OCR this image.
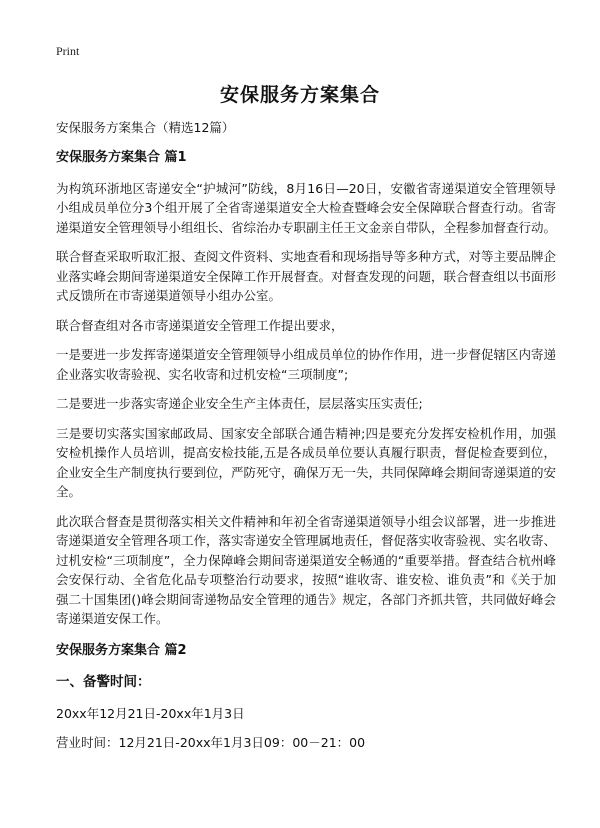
Print
安保服务方案集合

安保服务方案集合（精选12篇）

安保服务方案集合 篇1

为构筑环浙地区寄递安全“护城河”防线，8月16日—20日，安徽省寄递渠道安全管理领导小组成员单位分3个组开展了全省寄递渠道安全大检查暨峰会安全保障联合督查行动。省寄递渠道安全管理领导小组组长、省综治办专职副主任王文金亲自带队，全程参加督查行动。

联合督查采取听取汇报、查阅文件资料、实地查看和现场指导等多种方式，对等主要品牌企业落实峰会期间寄递渠道安全保障工作开展督查。对督查发现的问题，联合督查组以书面形式反馈所在市寄递渠道领导小组办公室。

联合督查组对各市寄递渠道安全管理工作提出要求，

一是要进一步发挥寄递渠道安全管理领导小组成员单位的协作作用，进一步督促辖区内寄递企业落实收寄验视、实名收寄和过机安检“三项制度”;

二是要进一步落实寄递企业安全生产主体责任，层层落实压实责任;

三是要切实落实国家邮政局、国家安全部联合通告精神;四是要充分发挥安检机作用，加强安检机操作人员培训，提高安检技能,五是各成员单位要认真履行职责，督促检查要到位，企业安全生产制度执行要到位，严防死守，确保万无一失，共同保障峰会期间寄递渠道的安全。

此次联合督查是贯彻落实相关文件精神和年初全省寄递渠道领导小组会议部署，进一步推进寄递渠道安全管理各项工作，落实寄递安全管理属地责任，督促落实收寄验视、实名收寄、过机安检“三项制度”，全力保障峰会期间寄递渠道安全畅通的“重要举措。督查结合杭州峰会安保行动、全省危化品专项整治行动要求，按照“谁收寄、谁安检、谁负责”和《关于加强二十国集团()峰会期间寄递物品安全管理的通告》规定，各部门齐抓共管，共同做好峰会寄递渠道安保工作。

安保服务方案集合 篇2
一、备警时间：

20xx年12月21日-20xx年1月3日

营业时间：12月21日-20xx年1月3日09：00－21：00
